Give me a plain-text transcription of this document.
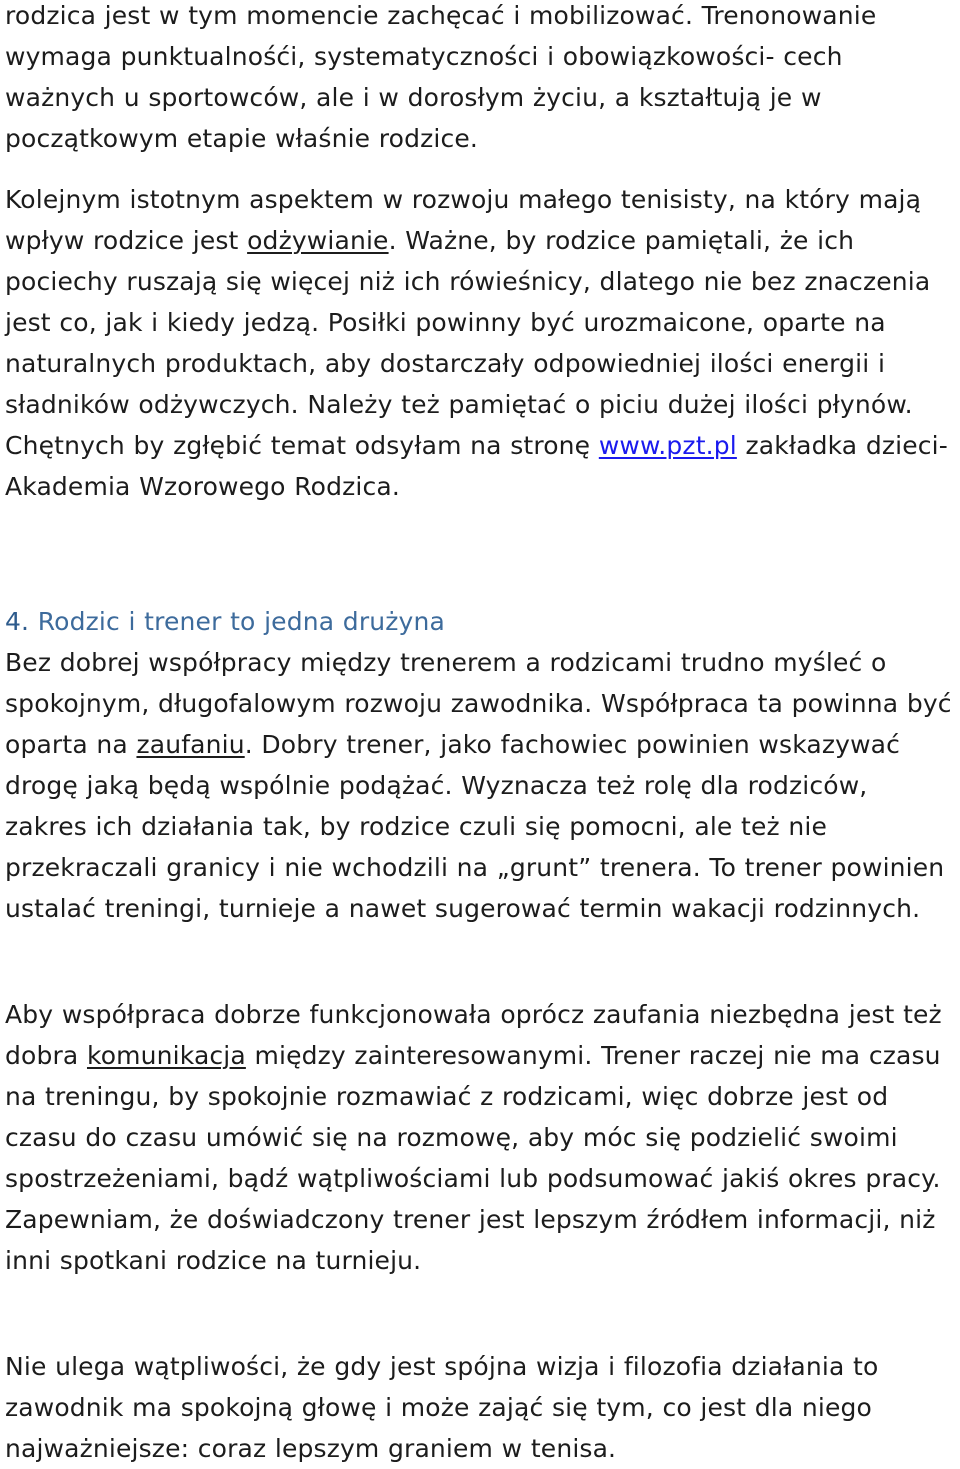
rodzica jest w tym momencie zachęcać i mobilizować. Trenonowanie wymaga punktualnośći, systematyczności i obowiązkowości- cech ważnych u sportowców, ale i w dorosłym życiu, a kształtują je w początkowym etapie właśnie rodzice.

Kolejnym istotnym aspektem w rozwoju małego tenisisty, na który mają wpływ rodzice jest odżywianie. Ważne, by rodzice pamiętali, że ich pociechy ruszają się więcej niż ich rówieśnicy, dlatego nie bez znaczenia jest co, jak i kiedy jedzą. Posiłki powinny być urozmaicone, oparte na naturalnych produktach, aby dostarczały odpowiedniej ilości energii i sładników odżywczych. Należy też pamiętać o piciu dużej ilości płynów. Chętnych by zgłębić temat odsyłam na stronę www.pzt.pl zakładka dzieci- Akademia Wzorowego Rodzica.

4. Rodzic i trener to jedna drużyna

Bez dobrej współpracy między trenerem a rodzicami trudno myśleć o spokojnym, długofalowym rozwoju zawodnika. Współpraca ta powinna być oparta na zaufaniu. Dobry trener, jako fachowiec powinien wskazywać drogę jaką będą wspólnie podążać. Wyznacza też rolę dla rodziców, zakres ich działania tak, by rodzice czuli się pomocni, ale też nie przekraczali granicy i nie wchodzili na „grunt” trenera. To trener powinien ustalać treningi, turnieje a nawet sugerować termin wakacji rodzinnych.

Aby współpraca dobrze funkcjonowała oprócz zaufania niezbędna jest też dobra komunikacja między zainteresowanymi. Trener raczej nie ma czasu na treningu, by spokojnie rozmawiać z rodzicami, więc dobrze jest od czasu do czasu umówić się na rozmowę, aby móc się podzielić swoimi spostrzeżeniami, bądź wątpliwościami lub podsumować jakiś okres pracy. Zapewniam, że doświadczony trener jest lepszym źródłem informacji, niż inni spotkani rodzice na turnieju.

Nie ulega wątpliwości, że gdy jest spójna wizja i filozofia działania to zawodnik ma spokojną głowę i może zająć się tym, co jest dla niego najważniejsze: coraz lepszym graniem w tenisa.
